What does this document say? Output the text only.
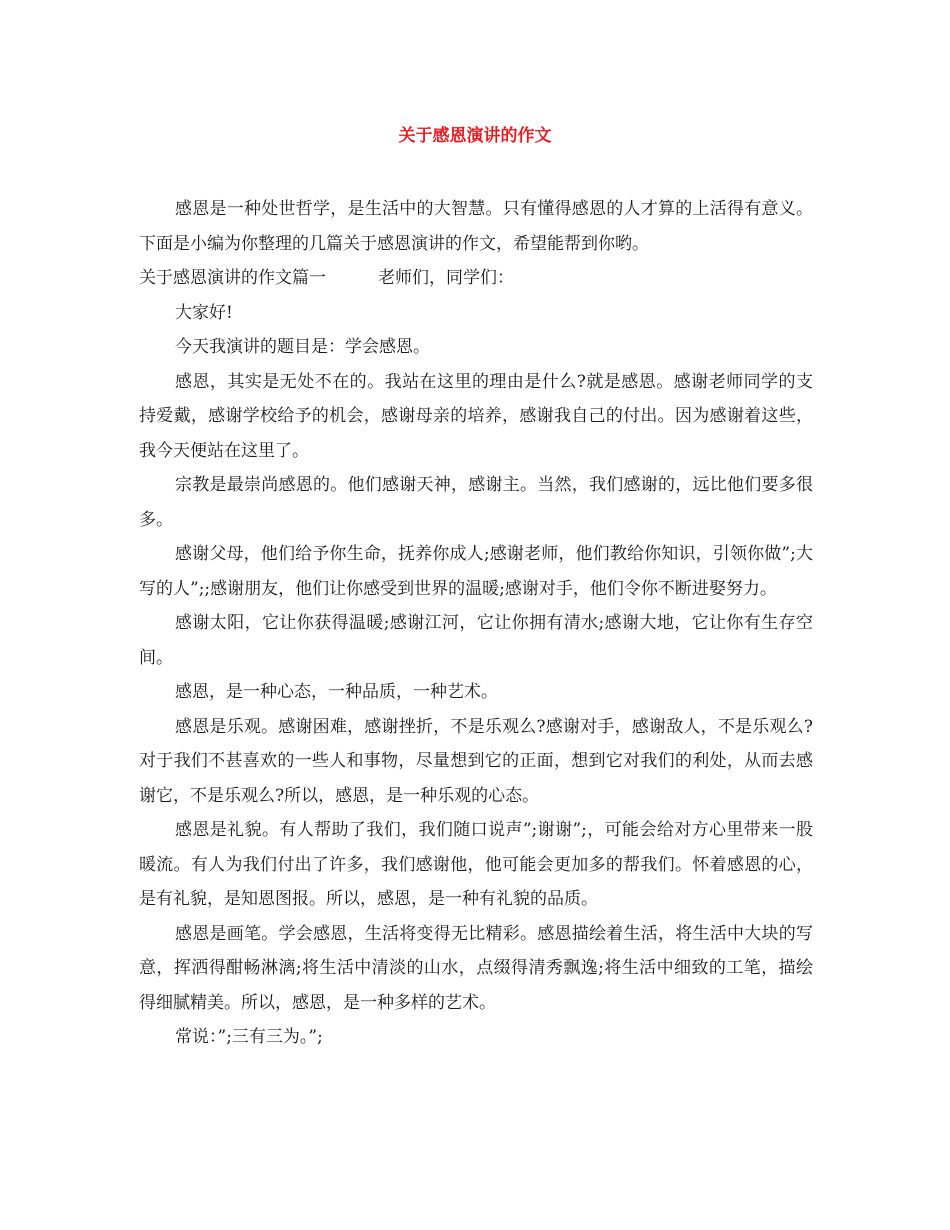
关于感恩演讲的作文

感恩是一种处世哲学，是生活中的大智慧。只有懂得感恩的人才算的上活得有意义。下面是小编为你整理的几篇关于感恩演讲的作文，希望能帮到你哟。

关于感恩演讲的作文篇一	老师们，同学们：

大家好!

今天我演讲的题目是：学会感恩。

感恩，其实是无处不在的。我站在这里的理由是什么?就是感恩。感谢老师同学的支持爱戴，感谢学校给予的机会，感谢母亲的培养，感谢我自己的付出。因为感谢着这些，我今天便站在这里了。

宗教是最崇尚感恩的。他们感谢天神，感谢主。当然，我们感谢的，远比他们要多很多。

感谢父母，他们给予你生命，抚养你成人;感谢老师，他们教给你知识，引领你做”;大写的人”;;感谢朋友，他们让你感受到世界的温暖;感谢对手，他们令你不断进娶努力。

感谢太阳，它让你获得温暖;感谢江河，它让你拥有清水;感谢大地，它让你有生存空间。

感恩，是一种心态，一种品质，一种艺术。

感恩是乐观。感谢困难，感谢挫折，不是乐观么?感谢对手，感谢敌人，不是乐观么?对于我们不甚喜欢的一些人和事物，尽量想到它的正面，想到它对我们的利处，从而去感谢它，不是乐观么?所以，感恩，是一种乐观的心态。

感恩是礼貌。有人帮助了我们，我们随口说声”;谢谢”;，可能会给对方心里带来一股暖流。有人为我们付出了许多，我们感谢他，他可能会更加多的帮我们。怀着感恩的心，是有礼貌，是知恩图报。所以，感恩，是一种有礼貌的品质。

感恩是画笔。学会感恩，生活将变得无比精彩。感恩描绘着生活，将生活中大块的写意，挥洒得酣畅淋漓;将生活中清淡的山水，点缀得清秀飘逸;将生活中细致的工笔，描绘得细腻精美。所以，感恩，是一种多样的艺术。

常说：”;三有三为。”;
